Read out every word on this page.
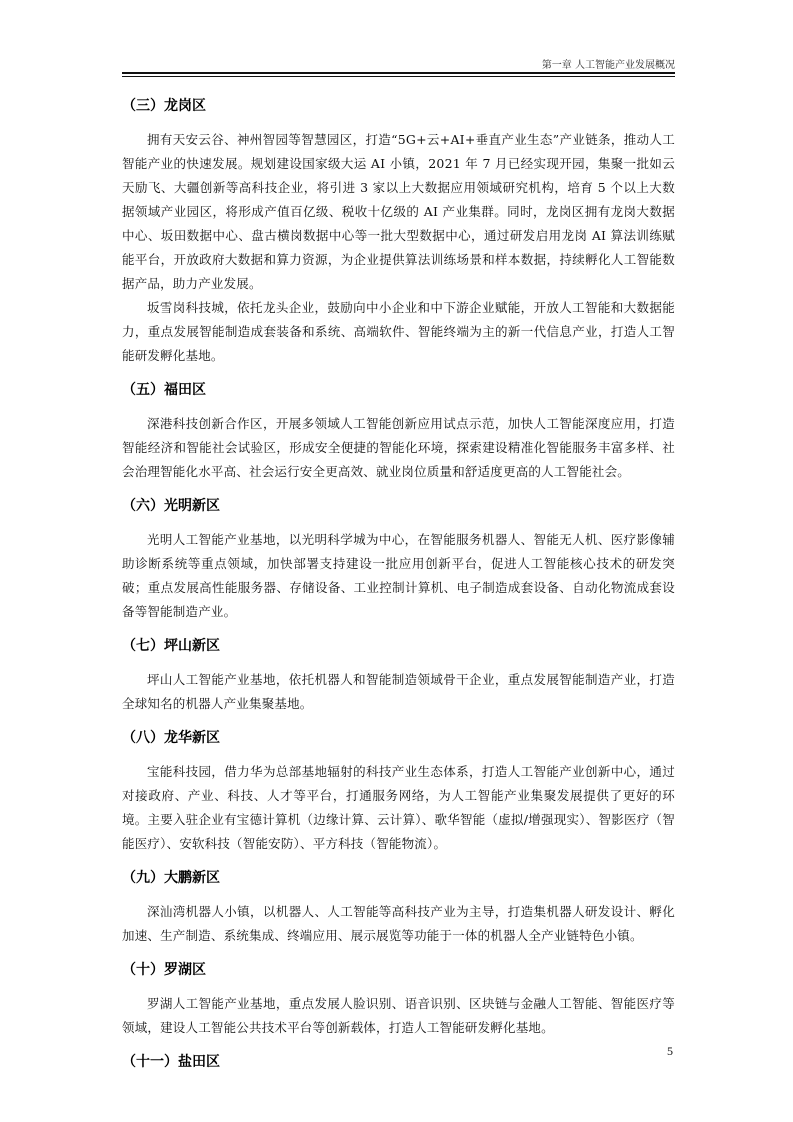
第一章 人工智能产业发展概况
（三）龙岗区

拥有天安云谷、神州智园等智慧园区，打造“5G+云+AI+垂直产业生态”产业链条，推动人工智能产业的快速发展。规划建设国家级大运 AI 小镇，2021 年 7 月已经实现开园，集聚一批如云天励飞、大疆创新等高科技企业，将引进 3 家以上大数据应用领域研究机构，培育 5 个以上大数据领域产业园区，将形成产值百亿级、税收十亿级的 AI 产业集群。同时，龙岗区拥有龙岗大数据中心、坂田数据中心、盘古横岗数据中心等一批大型数据中心，通过研发启用龙岗 AI 算法训练赋能平台，开放政府大数据和算力资源，为企业提供算法训练场景和样本数据，持续孵化人工智能数据产品，助力产业发展。

坂雪岗科技城，依托龙头企业，鼓励向中小企业和中下游企业赋能，开放人工智能和大数据能力，重点发展智能制造成套装备和系统、高端软件、智能终端为主的新一代信息产业，打造人工智能研发孵化基地。

（五）福田区

深港科技创新合作区，开展多领域人工智能创新应用试点示范，加快人工智能深度应用，打造智能经济和智能社会试验区，形成安全便捷的智能化环境，探索建设精准化智能服务丰富多样、社会治理智能化水平高、社会运行安全更高效、就业岗位质量和舒适度更高的人工智能社会。

（六）光明新区

光明人工智能产业基地，以光明科学城为中心，在智能服务机器人、智能无人机、医疗影像辅助诊断系统等重点领域，加快部署支持建设一批应用创新平台，促进人工智能核心技术的研发突破；重点发展高性能服务器、存储设备、工业控制计算机、电子制造成套设备、自动化物流成套设备等智能制造产业。

（七）坪山新区

坪山人工智能产业基地，依托机器人和智能制造领域骨干企业，重点发展智能制造产业，打造全球知名的机器人产业集聚基地。

（八）龙华新区

宝能科技园，借力华为总部基地辐射的科技产业生态体系，打造人工智能产业创新中心，通过对接政府、产业、科技、人才等平台，打通服务网络，为人工智能产业集聚发展提供了更好的环境。主要入驻企业有宝德计算机（边缘计算、云计算）、歌华智能（虚拟/增强现实）、智影医疗（智能医疗）、安软科技（智能安防）、平方科技（智能物流）。

（九）大鹏新区

深汕湾机器人小镇，以机器人、人工智能等高科技产业为主导，打造集机器人研发设计、孵化加速、生产制造、系统集成、终端应用、展示展览等功能于一体的机器人全产业链特色小镇。

（十）罗湖区

罗湖人工智能产业基地，重点发展人脸识别、语音识别、区块链与金融人工智能、智能医疗等领域，建设人工智能公共技术平台等创新载体，打造人工智能研发孵化基地。

（十一）盐田区
5
